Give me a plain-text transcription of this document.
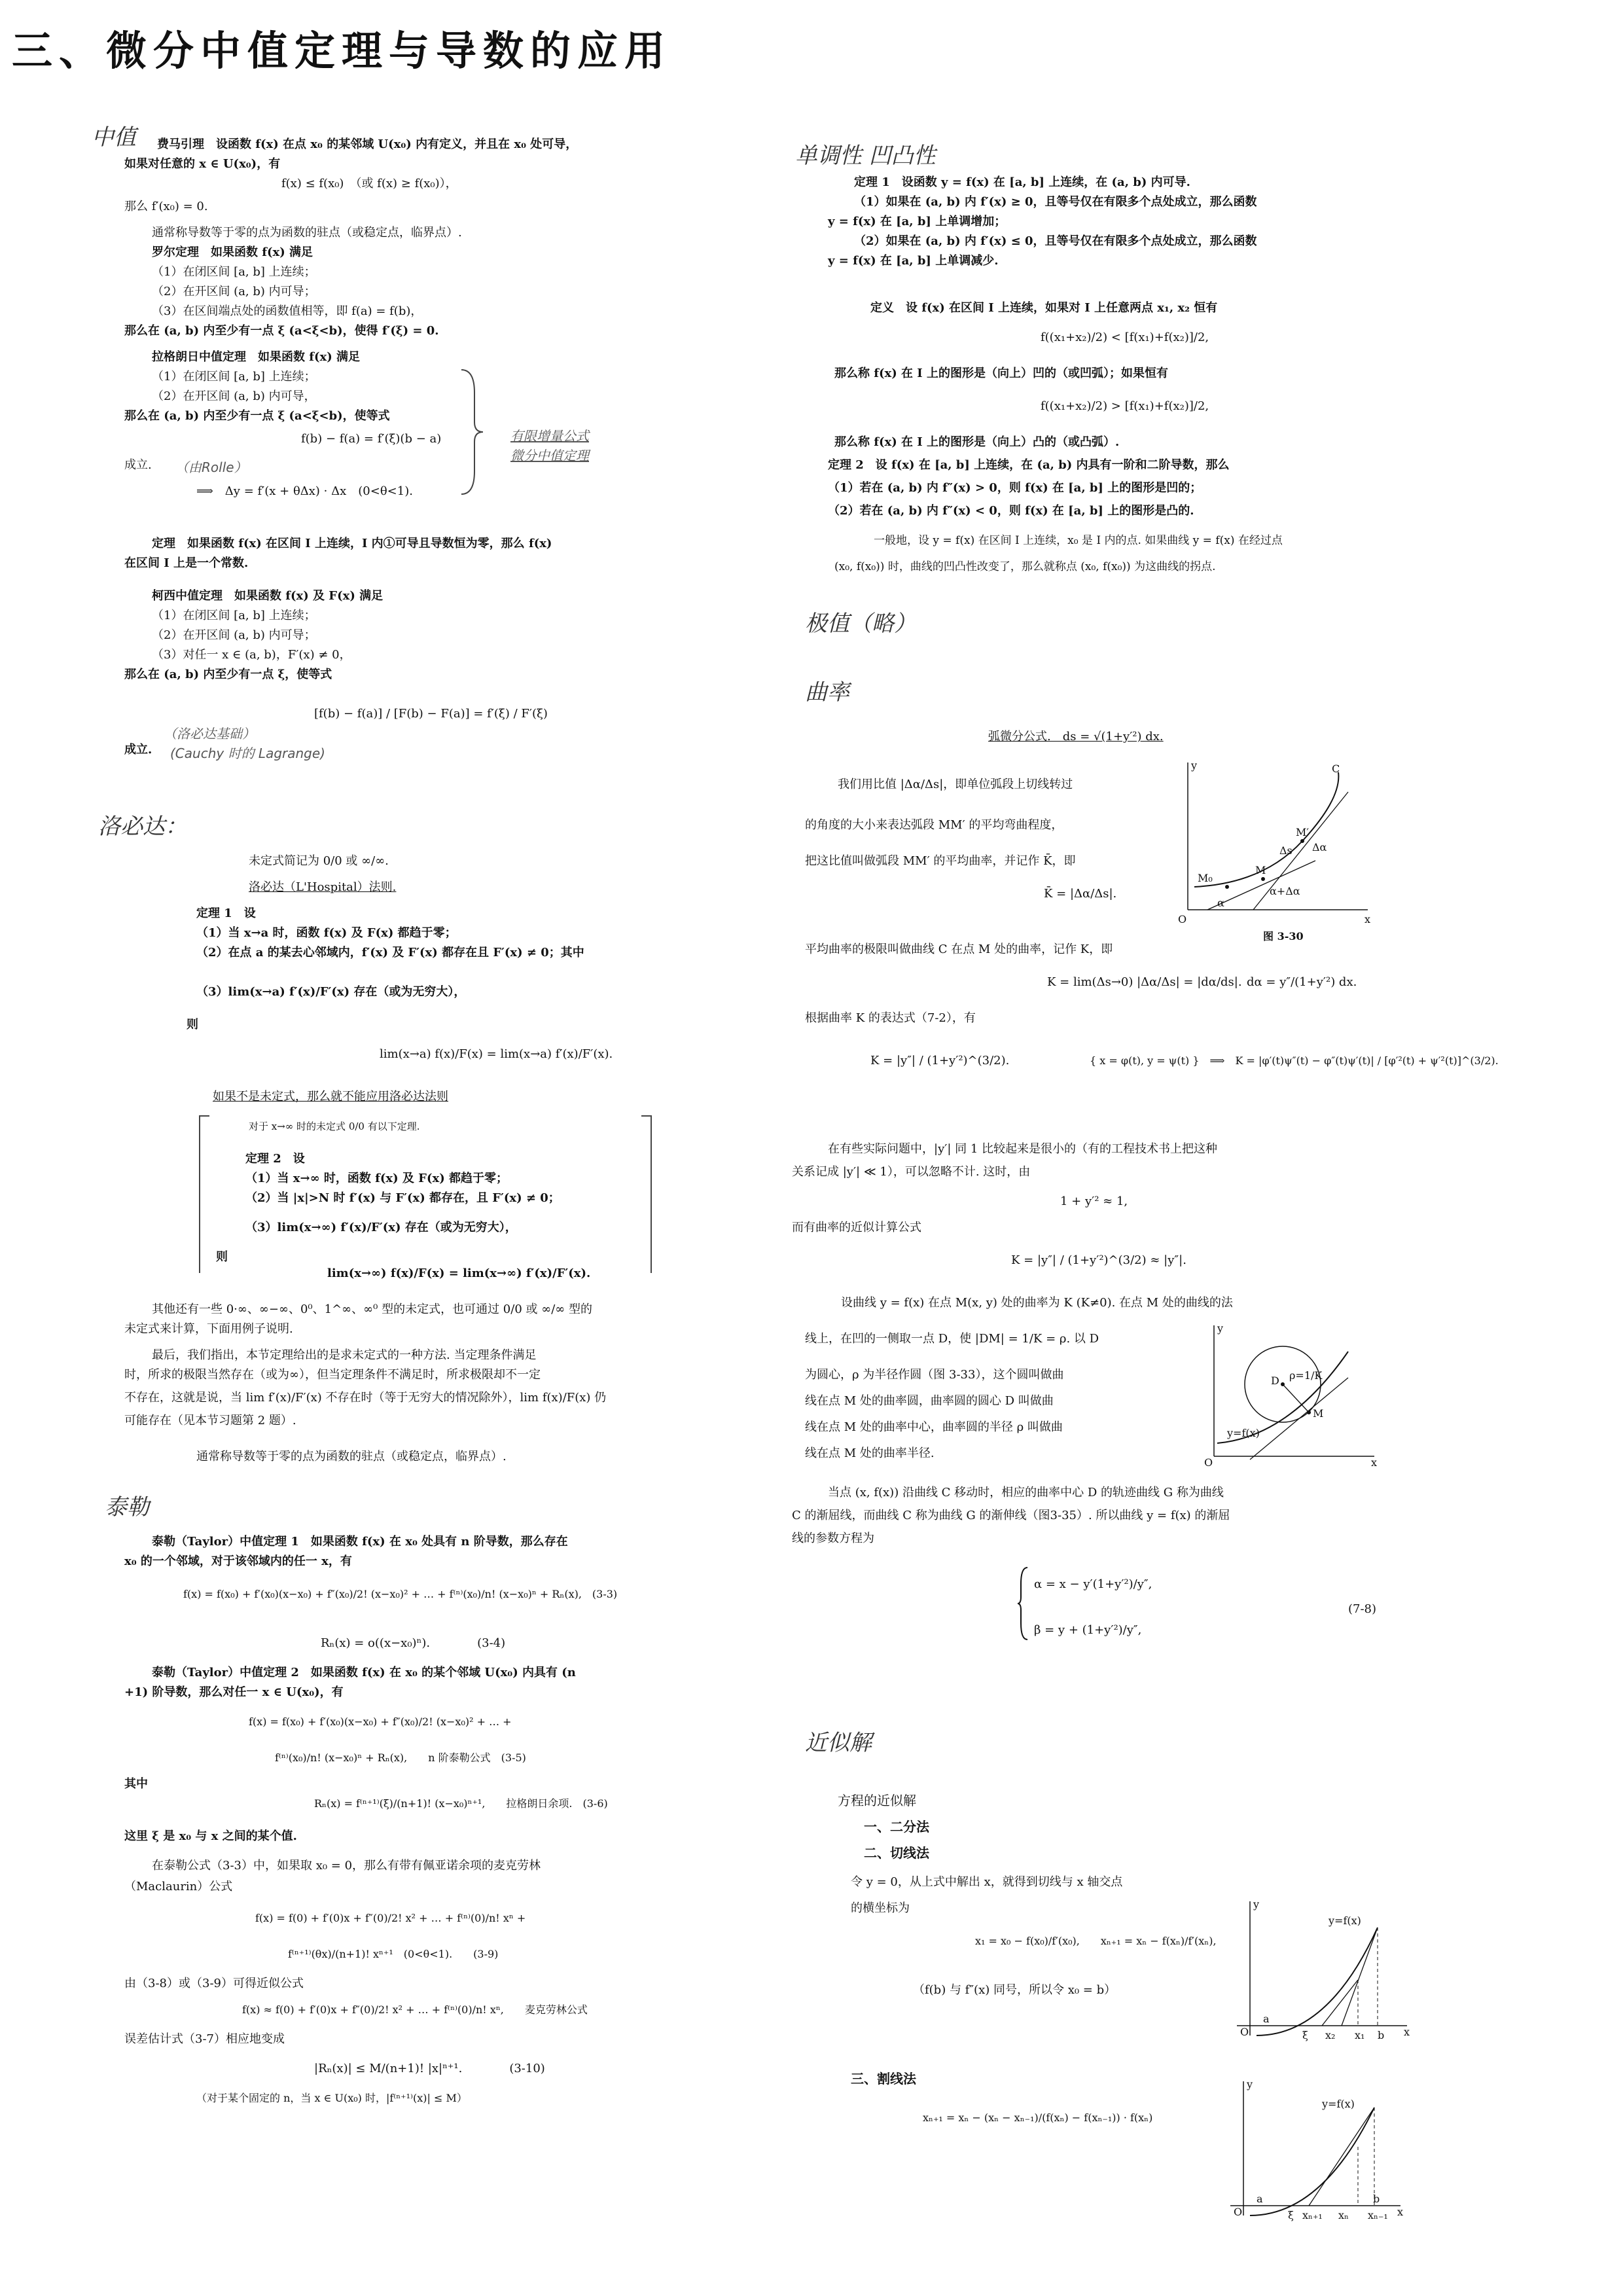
三、微分中值定理与导数的应用
中值 费马引理　设函数 f(x) 在点 x₀ 的某邻域 U(x₀) 内有定义，并且在 x₀ 处可导，
如果对任意的 x ∈ U(x₀)，有
f(x) ≤ f(x₀)　（或 f(x) ≥ f(x₀)），
那么 f′(x₀) = 0.
通常称导数等于零的点为函数的驻点（或稳定点，临界点）.
罗尔定理　如果函数 f(x) 满足
（1）在闭区间 [a, b] 上连续；
（2）在开区间 (a, b) 内可导；
（3）在区间端点处的函数值相等，即 f(a) = f(b)，
那么在 (a, b) 内至少有一点 ξ (a<ξ<b)，使得 f′(ξ) = 0.
拉格朗日中值定理　如果函数 f(x) 满足
（1）在闭区间 [a, b] 上连续；
（2）在开区间 (a, b) 内可导，
那么在 (a, b) 内至少有一点 ξ (a<ξ<b)，使等式
f(b) − f(a) = f′(ξ)(b − a)
成立. （由Rolle）
⟹　Δy = f′(x + θΔx) · Δx　(0<θ<1).
有限增量公式
微分中值定理
定理　如果函数 f(x) 在区间 I 上连续，I 内①可导且导数恒为零，那么 f(x)
在区间 I 上是一个常数.
柯西中值定理　如果函数 f(x) 及 F(x) 满足
（1）在闭区间 [a, b] 上连续；
（2）在开区间 (a, b) 内可导；
（3）对任一 x ∈ (a, b)，F′(x) ≠ 0，
那么在 (a, b) 内至少有一点 ξ，使等式
[f(b) − f(a)] / [F(b) − F(a)] = f′(ξ) / F′(ξ)
成立.
（洛必达基础）
(Cauchy 时的 Lagrange)
洛必达：
未定式简记为 0/0 或 ∞/∞.
洛必达（L'Hospital）法则.
定理 1　设
（1）当 x→a 时，函数 f(x) 及 F(x) 都趋于零；
（2）在点 a 的某去心邻域内，f′(x) 及 F′(x) 都存在且 F′(x) ≠ 0；其中
（3）lim(x→a) f′(x)/F′(x) 存在（或为无穷大），
则
lim(x→a) f(x)/F(x) = lim(x→a) f′(x)/F′(x).
如果不是未定式，那么就不能应用洛必达法则
对于 x→∞ 时的未定式 0/0 有以下定理.
定理 2　设
（1）当 x→∞ 时，函数 f(x) 及 F(x) 都趋于零；
（2）当 |x|>N 时 f′(x) 与 F′(x) 都存在，且 F′(x) ≠ 0；
（3）lim(x→∞) f′(x)/F′(x) 存在（或为无穷大），
则
lim(x→∞) f(x)/F(x) = lim(x→∞) f′(x)/F′(x).
其他还有一些 0·∞、∞−∞、0⁰、1^∞、∞⁰ 型的未定式，也可通过 0/0 或 ∞/∞ 型的
未定式来计算，下面用例子说明.
最后，我们指出，本节定理给出的是求未定式的一种方法. 当定理条件满足
时，所求的极限当然存在（或为∞），但当定理条件不满足时，所求极限却不一定
不存在，这就是说，当 lim f′(x)/F′(x) 不存在时（等于无穷大的情况除外），lim f(x)/F(x) 仍
可能存在（见本节习题第 2 题）.
通常称导数等于零的点为函数的驻点（或稳定点，临界点）.
泰勒
泰勒（Taylor）中值定理 1　如果函数 f(x) 在 x₀ 处具有 n 阶导数，那么存在
x₀ 的一个邻域，对于该邻域内的任一 x，有
f(x) = f(x₀) + f′(x₀)(x−x₀) + f″(x₀)/2! (x−x₀)² + … + f⁽ⁿ⁾(x₀)/n! (x−x₀)ⁿ + Rₙ(x),　(3-3)
Rₙ(x) = o((x−x₀)ⁿ).　　　　(3-4)
泰勒（Taylor）中值定理 2　如果函数 f(x) 在 x₀ 的某个邻域 U(x₀) 内具有 (n
+1) 阶导数，那么对任一 x ∈ U(x₀)，有
f(x) = f(x₀) + f′(x₀)(x−x₀) + f″(x₀)/2! (x−x₀)² + … +
f⁽ⁿ⁾(x₀)/n! (x−x₀)ⁿ + Rₙ(x),　　n 阶泰勒公式　(3-5)
其中
Rₙ(x) = f⁽ⁿ⁺¹⁾(ξ)/(n+1)! (x−x₀)ⁿ⁺¹,　　拉格朗日余项.　(3-6)
这里 ξ 是 x₀ 与 x 之间的某个值.
在泰勒公式（3-3）中，如果取 x₀ = 0，那么有带有佩亚诺余项的麦克劳林
（Maclaurin）公式
f(x) = f(0) + f′(0)x + f″(0)/2! x² + … + f⁽ⁿ⁾(0)/n! xⁿ +
f⁽ⁿ⁺¹⁾(θx)/(n+1)! xⁿ⁺¹　(0<θ<1).　　(3-9)
由（3-8）或（3-9）可得近似公式
f(x) ≈ f(0) + f′(0)x + f″(0)/2! x² + … + f⁽ⁿ⁾(0)/n! xⁿ,　　麦克劳林公式
误差估计式（3-7）相应地变成
|Rₙ(x)| ≤ M/(n+1)! |x|ⁿ⁺¹.　　　　(3-10)
（对于某个固定的 n，当 x ∈ U(x₀) 时，|f⁽ⁿ⁺¹⁾(x)| ≤ M）
单调性 凹凸性
定理 1　设函数 y = f(x) 在 [a, b] 上连续，在 (a, b) 内可导.
（1）如果在 (a, b) 内 f′(x) ≥ 0，且等号仅在有限多个点处成立，那么函数
y = f(x) 在 [a, b] 上单调增加；
（2）如果在 (a, b) 内 f′(x) ≤ 0，且等号仅在有限多个点处成立，那么函数
y = f(x) 在 [a, b] 上单调减少.
定义　设 f(x) 在区间 I 上连续，如果对 I 上任意两点 x₁, x₂ 恒有
f((x₁+x₂)/2) < [f(x₁)+f(x₂)]/2,
那么称 f(x) 在 I 上的图形是（向上）凹的（或凹弧）；如果恒有
f((x₁+x₂)/2) > [f(x₁)+f(x₂)]/2,
那么称 f(x) 在 I 上的图形是（向上）凸的（或凸弧）.
定理 2　设 f(x) 在 [a, b] 上连续，在 (a, b) 内具有一阶和二阶导数，那么
（1）若在 (a, b) 内 f″(x) > 0，则 f(x) 在 [a, b] 上的图形是凹的；
（2）若在 (a, b) 内 f″(x) < 0，则 f(x) 在 [a, b] 上的图形是凸的.
一般地，设 y = f(x) 在区间 I 上连续，x₀ 是 I 内的点. 如果曲线 y = f(x) 在经过点
(x₀, f(x₀)) 时，曲线的凹凸性改变了，那么就称点 (x₀, f(x₀)) 为这曲线的拐点.
极值（略）
曲率
弧微分公式.　ds = √(1+y′²) dx.
我们用比值 |Δα/Δs|，即单位弧段上切线转过
的角度的大小来表达弧段 MM′ 的平均弯曲程度，
把这比值叫做弧段 MM′ 的平均曲率，并记作 K̄，即
K̄ = |Δα/Δs|.
O
y
x
C
M₀
M
M′
Δs Δα
α
α+Δα
图 3-30
平均曲率的极限叫做曲线 C 在点 M 处的曲率，记作 K，即
K = lim(Δs→0) |Δα/Δs| = |dα/ds|. dα = y″/(1+y′²) dx.
根据曲率 K 的表达式（7-2），有
K = |y″| / (1+y′²)^(3/2).	{ x = φ(t), y = ψ(t) }　⟹　K = |φ′(t)ψ″(t) − φ″(t)ψ′(t)| / [φ′²(t) + ψ′²(t)]^(3/2).
在有些实际问题中，|y′| 同 1 比较起来是很小的（有的工程技术书上把这种
关系记成 |y′| ≪ 1），可以忽略不计. 这时，由
1 + y′² ≈ 1,
而有曲率的近似计算公式
K = |y″| / (1+y′²)^(3/2) ≈ |y″|.
设曲线 y = f(x) 在点 M(x, y) 处的曲率为 K (K≠0). 在点 M 处的曲线的法
线上，在凹的一侧取一点 D，使 |DM| = 1/K = ρ. 以 D
为圆心，ρ 为半径作圆（图 3-33），这个圆叫做曲
线在点 M 处的曲率圆，曲率圆的圆心 D 叫做曲
线在点 M 处的曲率中心，曲率圆的半径 ρ 叫做曲
线在点 M 处的曲率半径.
O
y
x
D ρ=1/K
M
y=f(x)
当点 (x, f(x)) 沿曲线 C 移动时，相应的曲率中心 D 的轨迹曲线 G 称为曲线
C 的渐屈线，而曲线 C 称为曲线 G 的渐伸线（图3-35）. 所以曲线 y = f(x) 的渐屈
线的参数方程为
α = x − y′(1+y′²)/y″,
β = y + (1+y′²)/y″,
(7-8)
近似解
方程的近似解
一、二分法
二、切线法
令 y = 0，从上式中解出 x，就得到切线与 x 轴交点
的横坐标为
x₁ = x₀ − f(x₀)/f′(x₀),　　xₙ₊₁ = xₙ − f(xₙ)/f′(xₙ),
（f(b) 与 f″(x) 同号，所以令 x₀ = b）
O
y
x
a
b
ξ x₂ x₁
y=f(x)
三、割线法
xₙ₊₁ = xₙ − (xₙ − xₙ₋₁)/(f(xₙ) − f(xₙ₋₁)) · f(xₙ)
O
y
x
a	b
ξ xₙ₊₁ xₙ xₙ₋₁
y=f(x)
